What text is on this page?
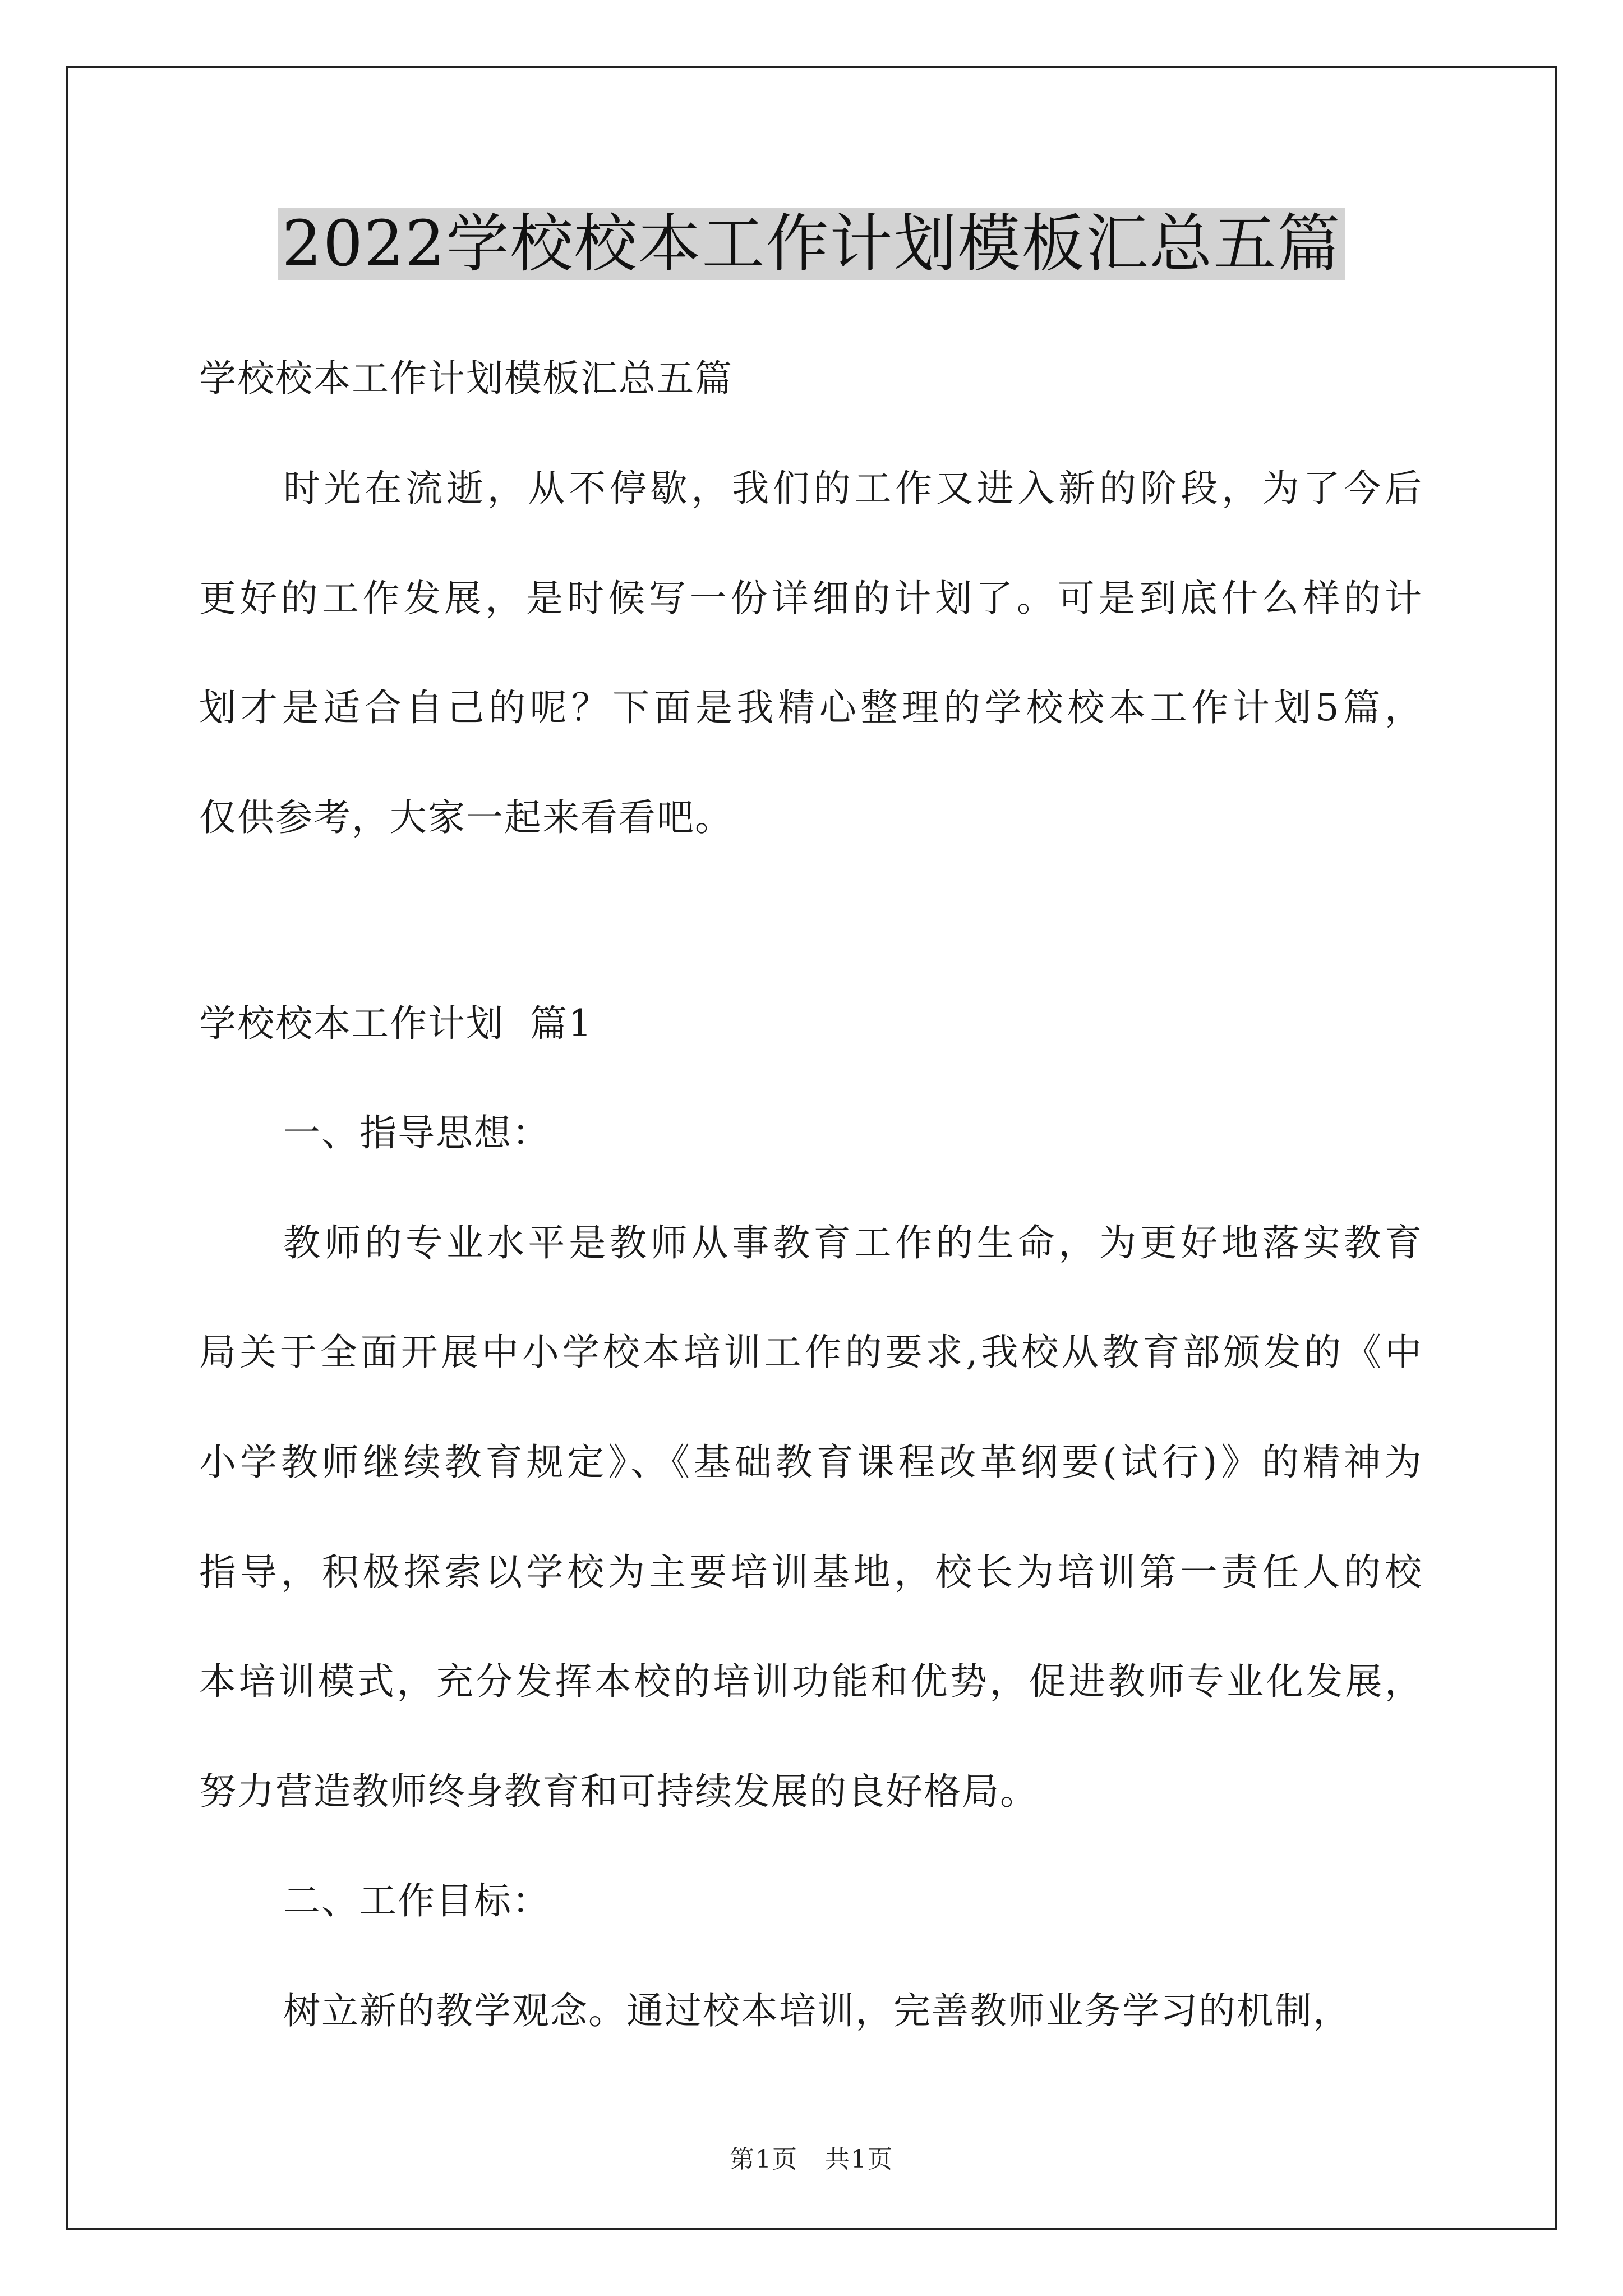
2022学校校本工作计划模板汇总五篇
学校校本工作计划模板汇总五篇
时光在流逝，从不停歇，我们的工作又进入新的阶段，为了今后
更好的工作发展，是时候写一份详细的计划了。可是到底什么样的计
划才是适合自己的呢？下面是我精心整理的学校校本工作计划5篇，
仅供参考，大家一起来看看吧。
学校校本工作计划  篇1
一、指导思想：
教师的专业水平是教师从事教育工作的生命，为更好地落实教育
局关于全面开展中小学校本培训工作的要求,我校从教育部颁发的《中
小学教师继续教育规定》、《基础教育课程改革纲要(试行)》的精神为
指导，积极探索以学校为主要培训基地，校长为培训第一责任人的校
本培训模式，充分发挥本校的培训功能和优势，促进教师专业化发展，
努力营造教师终身教育和可持续发展的良好格局。
二、工作目标：
树立新的教学观念。通过校本培训，完善教师业务学习的机制，
第1页   共1页
